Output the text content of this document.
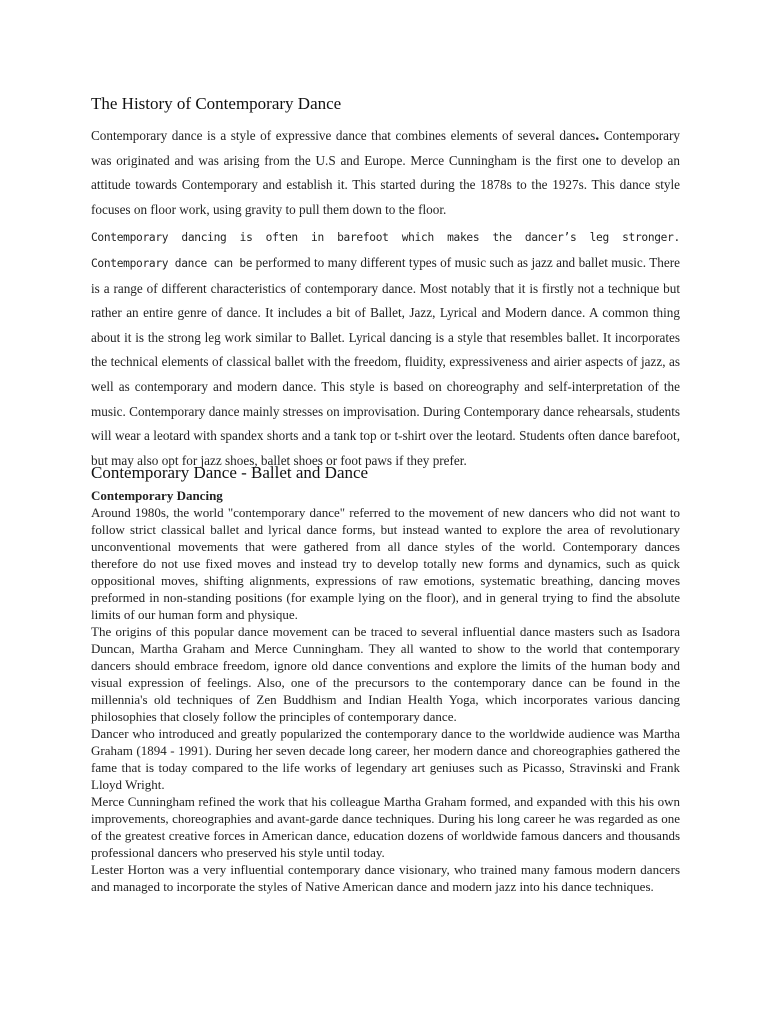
The History of Contemporary Dance

Contemporary dance is a style of expressive dance that combines elements of several dances. Contemporary was originated and was arising from the U.S and Europe. Merce Cunningham is the first one to develop an attitude towards Contemporary and establish it. This started during the 1878s to the 1927s. This dance style focuses on floor work, using gravity to pull them down to the floor.

Contemporary dancing is often in barefoot which makes the dancer’s leg stronger. Contemporary dance can be performed to many different types of music such as jazz and ballet music. There is a range of different characteristics of contemporary dance. Most notably that it is firstly not a technique but rather an entire genre of dance. It includes a bit of Ballet, Jazz, Lyrical and Modern dance. A common thing about it is the strong leg work similar to Ballet. Lyrical dancing is a style that resembles ballet. It incorporates the technical elements of classical ballet with the freedom, fluidity, expressiveness and airier aspects of jazz, as well as contemporary and modern dance. This style is based on choreography and self-interpretation of the music. Contemporary dance mainly stresses on improvisation. During Contemporary dance rehearsals, students will wear a leotard with spandex shorts and a tank top or t-shirt over the leotard. Students often dance barefoot, but may also opt for jazz shoes, ballet shoes or foot paws if they prefer.

Contemporary Dance - Ballet and Dance
Contemporary Dancing

Around 1980s, the world "contemporary dance" referred to the movement of new dancers who did not want to follow strict classical ballet and lyrical dance forms, but instead wanted to explore the area of revolutionary unconventional movements that were gathered from all dance styles of the world. Contemporary dances therefore do not use fixed moves and instead try to develop totally new forms and dynamics, such as quick oppositional moves, shifting alignments, expressions of raw emotions, systematic breathing, dancing moves preformed in non-standing positions (for example lying on the floor), and in general trying to find the absolute limits of our human form and physique.

The origins of this popular dance movement can be traced to several influential dance masters such as Isadora Duncan, Martha Graham and Merce Cunningham. They all wanted to show to the world that contemporary dancers should embrace freedom, ignore old dance conventions and explore the limits of the human body and visual expression of feelings. Also, one of the precursors to the contemporary dance can be found in the millennia's old techniques of Zen Buddhism and Indian Health Yoga, which incorporates various dancing philosophies that closely follow the principles of contemporary dance.

Dancer who introduced and greatly popularized the contemporary dance to the worldwide audience was Martha Graham (1894 - 1991). During her seven decade long career, her modern dance and choreographies gathered the fame that is today compared to the life works of legendary art geniuses such as Picasso, Stravinski and Frank Lloyd Wright.

Merce Cunningham refined the work that his colleague Martha Graham formed, and expanded with this his own improvements, choreographies and avant-garde dance techniques. During his long career he was regarded as one of the greatest creative forces in American dance, education dozens of worldwide famous dancers and thousands professional dancers who preserved his style until today.

Lester Horton was a very influential contemporary dance visionary, who trained many famous modern dancers and managed to incorporate the styles of Native American dance and modern jazz into his dance techniques.
